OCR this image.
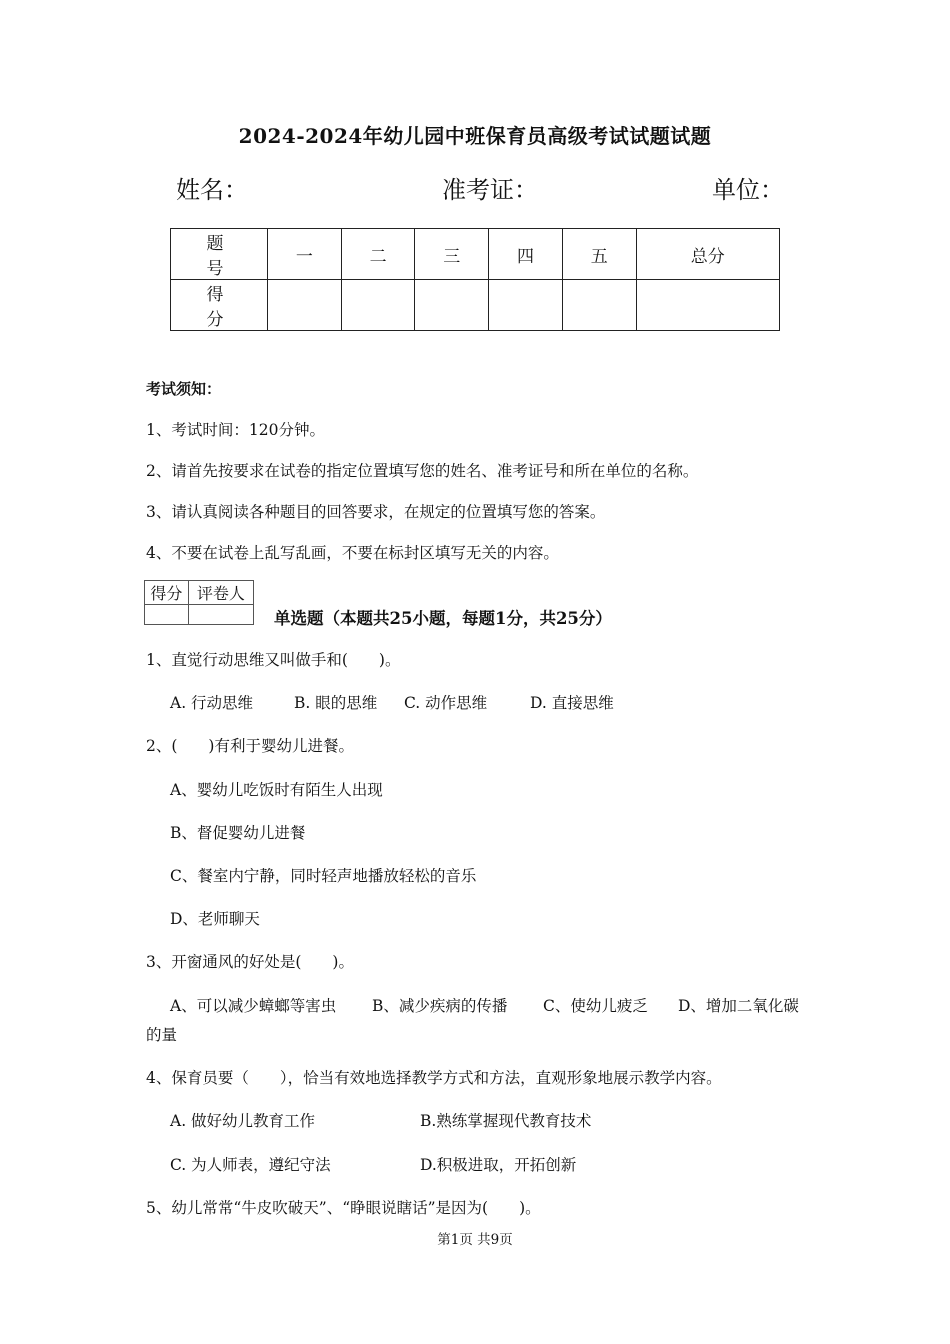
2024-2024年幼儿园中班保育员高级考试试题试题
姓名：	准考证：	单位：
题　号	一	二	三	四	五	总分
得　分						
考试须知：
1、考试时间：120分钟。
2、请首先按要求在试卷的指定位置填写您的姓名、准考证号和所在单位的名称。
3、请认真阅读各种题目的回答要求，在规定的位置填写您的答案。
4、不要在试卷上乱写乱画，不要在标封区填写无关的内容。
得分	评卷人

单选题（本题共25小题，每题1分，共25分）
1、直觉行动思维又叫做手和(　　)。
A. 行动思维	B. 眼的思维 C. 动作思维	D. 直接思维
2、(　　)有利于婴幼儿进餐。
A、婴幼儿吃饭时有陌生人出现
B、督促婴幼儿进餐
C、餐室内宁静，同时轻声地播放轻松的音乐
D、老师聊天
3、开窗通风的好处是(　　)。
A、可以减少蟑螂等害虫 B、减少疾病的传播 C、使幼儿疲乏 D、增加二氧化碳
的量
4、保育员要（　　），恰当有效地选择教学方式和方法，直观形象地展示教学内容。
A. 做好幼儿教育工作	B.熟练掌握现代教育技术
C. 为人师表，遵纪守法	D.积极进取，开拓创新
5、幼儿常常“牛皮吹破天”、“睁眼说瞎话”是因为(　　)。
第1页 共9页
